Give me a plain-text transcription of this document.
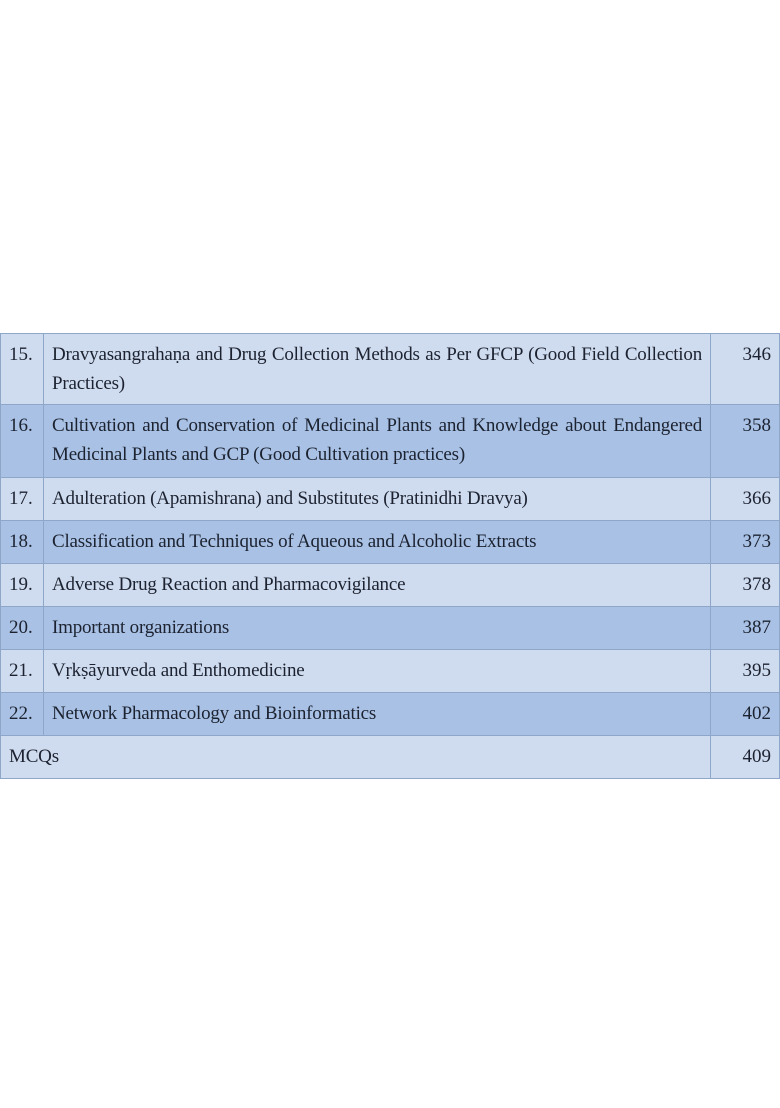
15.	Dravyasangrahaṇa and Drug Collection Methods as Per GFCP (Good Field Collection Practices)	346
16.	Cultivation and Conservation of Medicinal Plants and Knowledge about Endangered Medicinal Plants and GCP (Good Cultivation practices)	358
17.	Adulteration (Apamishrana) and Substitutes (Pratinidhi Dravya)	366
18.	Classification and Techniques of Aqueous and Alcoholic Extracts	373
19.	Adverse Drug Reaction and Pharmacovigilance	378
20.	Important organizations	387
21.	Vṛkṣāyurveda and Enthomedicine	395
22.	Network Pharmacology and Bioinformatics	402
MCQs		409
